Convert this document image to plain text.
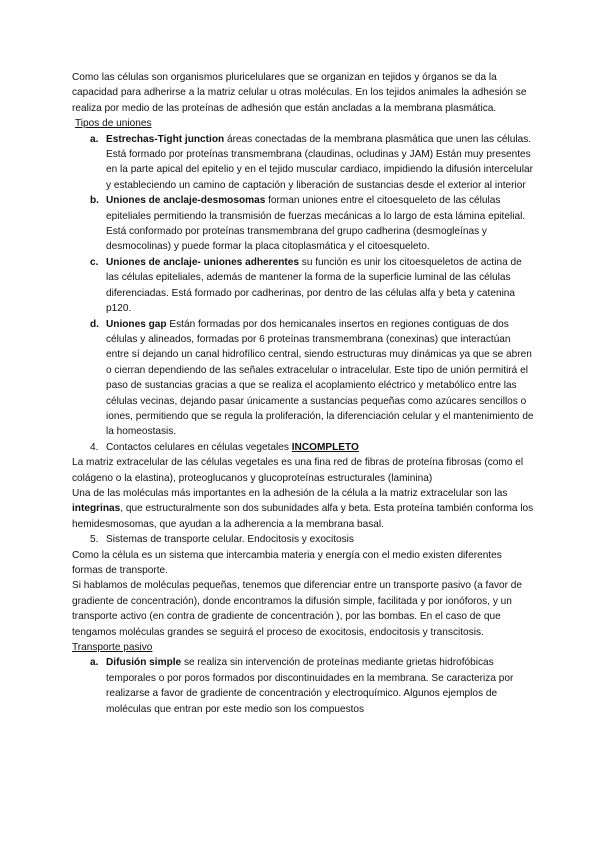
Como las células son organismos pluricelulares que se organizan en tejidos y órganos se da la capacidad para adherirse a la matriz celular u otras moléculas. En los tejidos animales la adhesión se realiza por medio de las proteínas de adhesión que están ancladas a la membrana plasmática.

Tipos de uniones

a. Estrechas-Tight junction áreas conectadas de la membrana plasmática que unen las células. Está formado por proteínas transmembrana (claudinas, ocludinas y JAM) Están muy presentes en la parte apical del epitelio y en el tejido muscular cardiaco, impidiendo la difusión intercelular y estableciendo un camino de captación y liberación de sustancias desde el exterior al interior
b. Uniones de anclaje-desmosomas forman uniones entre el citoesqueleto de las células epiteliales permitiendo la transmisión de fuerzas mecánicas a lo largo de esta lámina epitelial. Está conformado por proteínas transmembrana del grupo cadherina (desmogleínas y desmocolinas) y puede formar la placa citoplasmática y el citoesqueleto.
c. Uniones de anclaje- uniones adherentes su función es unir los citoesqueletos de actina de las células epiteliales, además de mantener la forma de la superficie luminal de las células diferenciadas. Está formado por cadherinas, por dentro de las células alfa y beta y catenina p120.
d. Uniones gap Están formadas por dos hemicanales insertos en regiones contiguas de dos células y alineados, formadas por 6 proteínas transmembrana (conexinas) que interactúan entre sí dejando un canal hidrofílico central, siendo estructuras muy dinámicas ya que se abren o cierran dependiendo de las señales extracelular o intracelular. Este tipo de unión permitirá el paso de sustancias gracias a que se realiza el acoplamiento eléctrico y metabólico entre las células vecinas, dejando pasar únicamente a sustancias pequeñas como azúcares sencillos o iones, permitiendo que se regula la proliferación, la diferenciación celular y el mantenimiento de la homeostasis.
4. Contactos celulares en células vegetales INCOMPLETO

La matriz extracelular de las células vegetales es una fina red de fibras de proteína fibrosas (como el colágeno o la elastina), proteoglucanos y glucoproteínas estructurales (laminina)

Una de las moléculas más importantes en la adhesión de la célula a la matriz extracelular son las integrinas, que estructuralmente son dos subunidades alfa y beta. Esta proteína también conforma los hemidesmosomas, que ayudan a la adherencia a la membrana basal.

5. Sistemas de transporte celular. Endocitosis y exocitosis

Como la célula es un sistema que intercambia materia y energía con el medio existen diferentes formas de transporte.

Si hablamos de moléculas pequeñas, tenemos que diferenciar entre un transporte pasivo (a favor de gradiente de concentración), donde encontramos la difusión simple, facilitada y por ionóforos, y un transporte activo (en contra de gradiente de concentración ), por las bombas. En el caso de que tengamos moléculas grandes se seguirá el proceso de exocitosis, endocitosis y transcitosis.

Transporte pasivo

a. Difusión simple se realiza sin intervención de proteínas mediante grietas hidrofóbicas temporales o por poros formados por discontinuidades en la membrana. Se caracteriza por realizarse a favor de gradiente de concentración y electroquímico. Algunos ejemplos de moléculas que entran por este medio son los compuestos
